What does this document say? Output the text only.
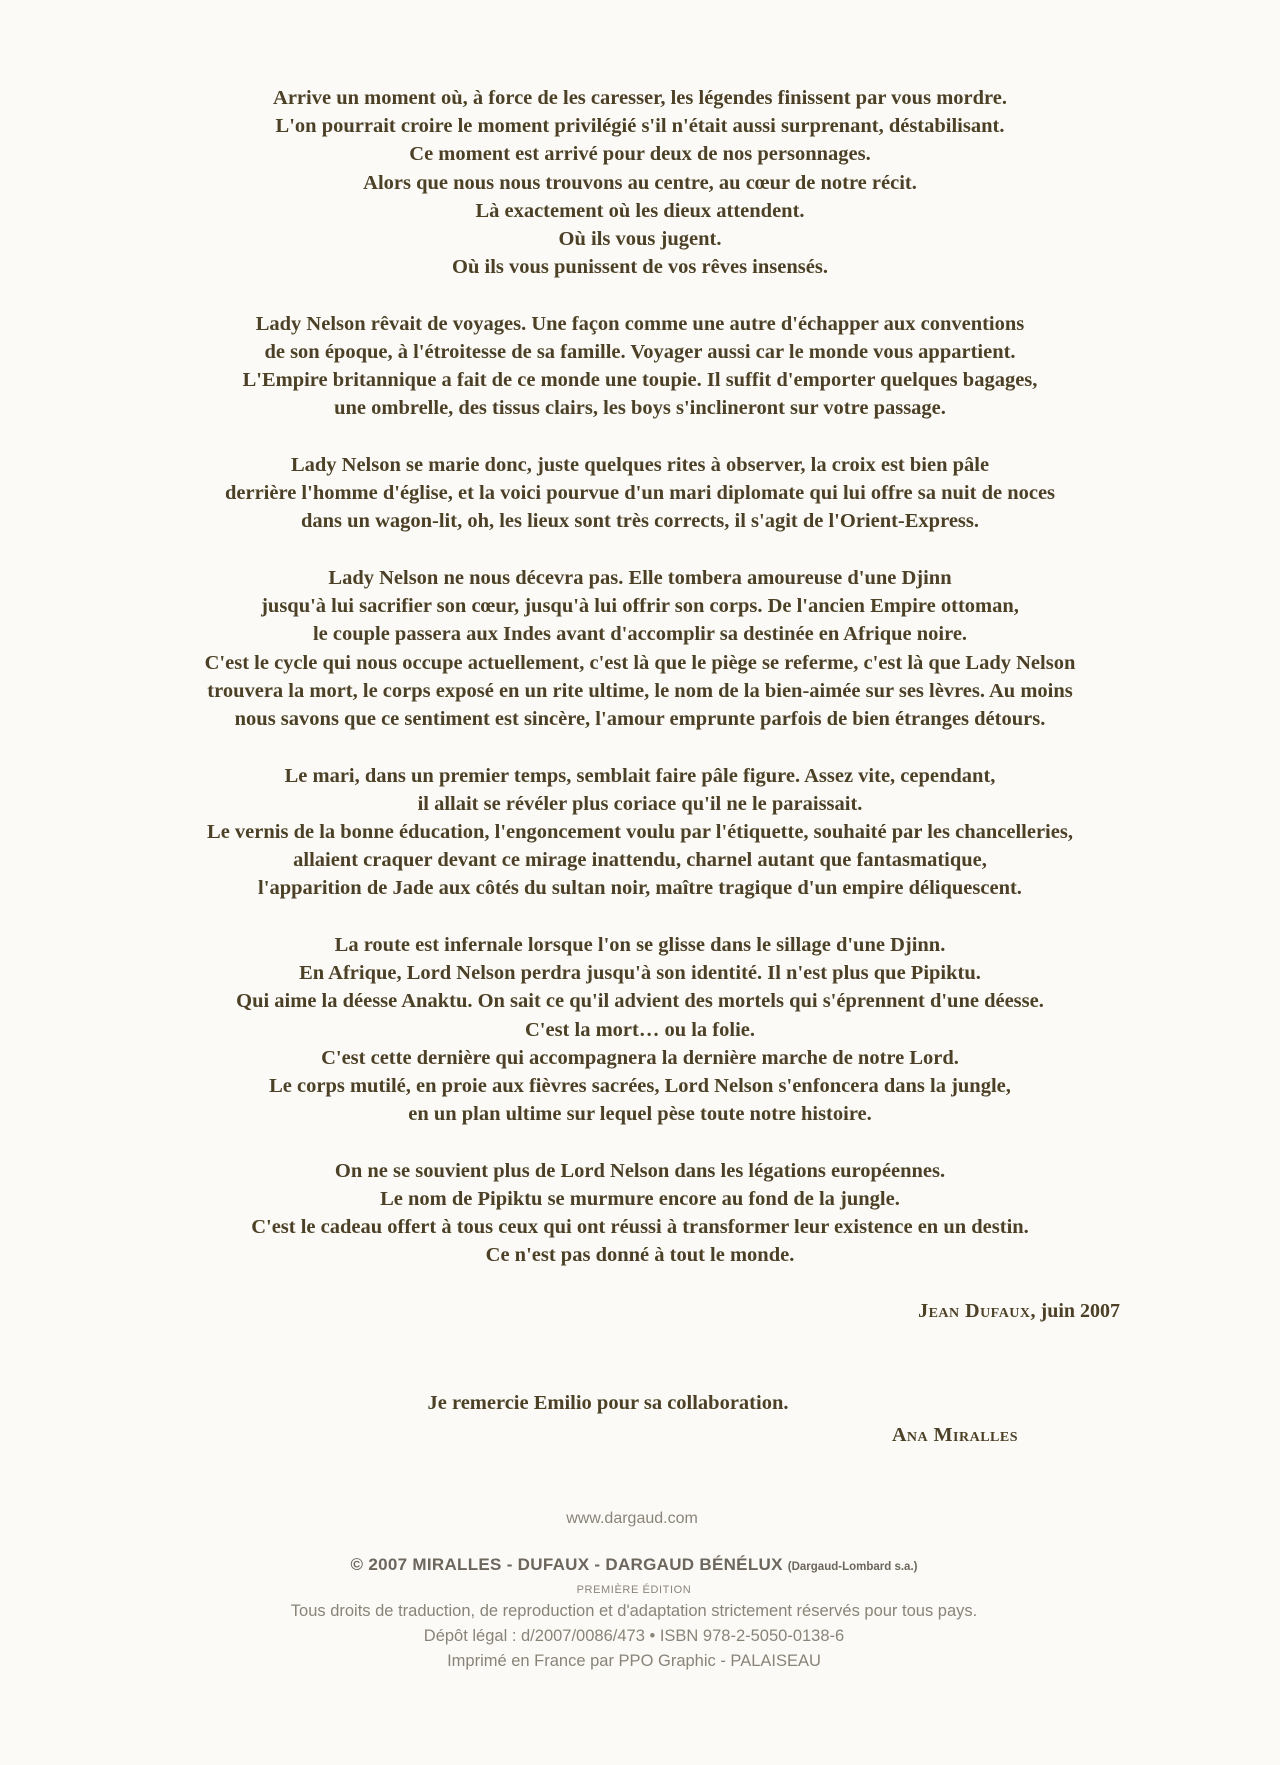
Arrive un moment où, à force de les caresser, les légendes finissent par vous mordre.
L'on pourrait croire le moment privilégié s'il n'était aussi surprenant, déstabilisant.
Ce moment est arrivé pour deux de nos personnages.
Alors que nous nous trouvons au centre, au cœur de notre récit.
Là exactement où les dieux attendent.
Où ils vous jugent.
Où ils vous punissent de vos rêves insensés.

Lady Nelson rêvait de voyages. Une façon comme une autre d'échapper aux conventions
de son époque, à l'étroitesse de sa famille. Voyager aussi car le monde vous appartient.
L'Empire britannique a fait de ce monde une toupie. Il suffit d'emporter quelques bagages,
une ombrelle, des tissus clairs, les boys s'inclineront sur votre passage.

Lady Nelson se marie donc, juste quelques rites à observer, la croix est bien pâle
derrière l'homme d'église, et la voici pourvue d'un mari diplomate qui lui offre sa nuit de noces
dans un wagon-lit, oh, les lieux sont très corrects, il s'agit de l'Orient-Express.

Lady Nelson ne nous décevra pas. Elle tombera amoureuse d'une Djinn
jusqu'à lui sacrifier son cœur, jusqu'à lui offrir son corps. De l'ancien Empire ottoman,
le couple passera aux Indes avant d'accomplir sa destinée en Afrique noire.
C'est le cycle qui nous occupe actuellement, c'est là que le piège se referme, c'est là que Lady Nelson
trouvera la mort, le corps exposé en un rite ultime, le nom de la bien-aimée sur ses lèvres. Au moins
nous savons que ce sentiment est sincère, l'amour emprunte parfois de bien étranges détours.

Le mari, dans un premier temps, semblait faire pâle figure. Assez vite, cependant,
il allait se révéler plus coriace qu'il ne le paraissait.
Le vernis de la bonne éducation, l'engoncement voulu par l'étiquette, souhaité par les chancelleries,
allaient craquer devant ce mirage inattendu, charnel autant que fantasmatique,
l'apparition de Jade aux côtés du sultan noir, maître tragique d'un empire déliquescent.

La route est infernale lorsque l'on se glisse dans le sillage d'une Djinn.
En Afrique, Lord Nelson perdra jusqu'à son identité. Il n'est plus que Pipiktu.
Qui aime la déesse Anaktu. On sait ce qu'il advient des mortels qui s'éprennent d'une déesse.
C'est la mort… ou la folie.
C'est cette dernière qui accompagnera la dernière marche de notre Lord.
Le corps mutilé, en proie aux fièvres sacrées, Lord Nelson s'enfoncera dans la jungle,
en un plan ultime sur lequel pèse toute notre histoire.

On ne se souvient plus de Lord Nelson dans les légations européennes.
Le nom de Pipiktu se murmure encore au fond de la jungle.
C'est le cadeau offert à tous ceux qui ont réussi à transformer leur existence en un destin.
Ce n'est pas donné à tout le monde.

Jean Dufaux, juin 2007
Je remercie Emilio pour sa collaboration.
Ana Miralles
www.dargaud.com
© 2007 MIRALLES - DUFAUX - DARGAUD BÉNÉLUX (Dargaud-Lombard s.a.)
PREMIÈRE ÉDITION
Tous droits de traduction, de reproduction et d'adaptation strictement réservés pour tous pays.
Dépôt légal : d/2007/0086/473 • ISBN 978-2-5050-0138-6
Imprimé en France par PPO Graphic - PALAISEAU
